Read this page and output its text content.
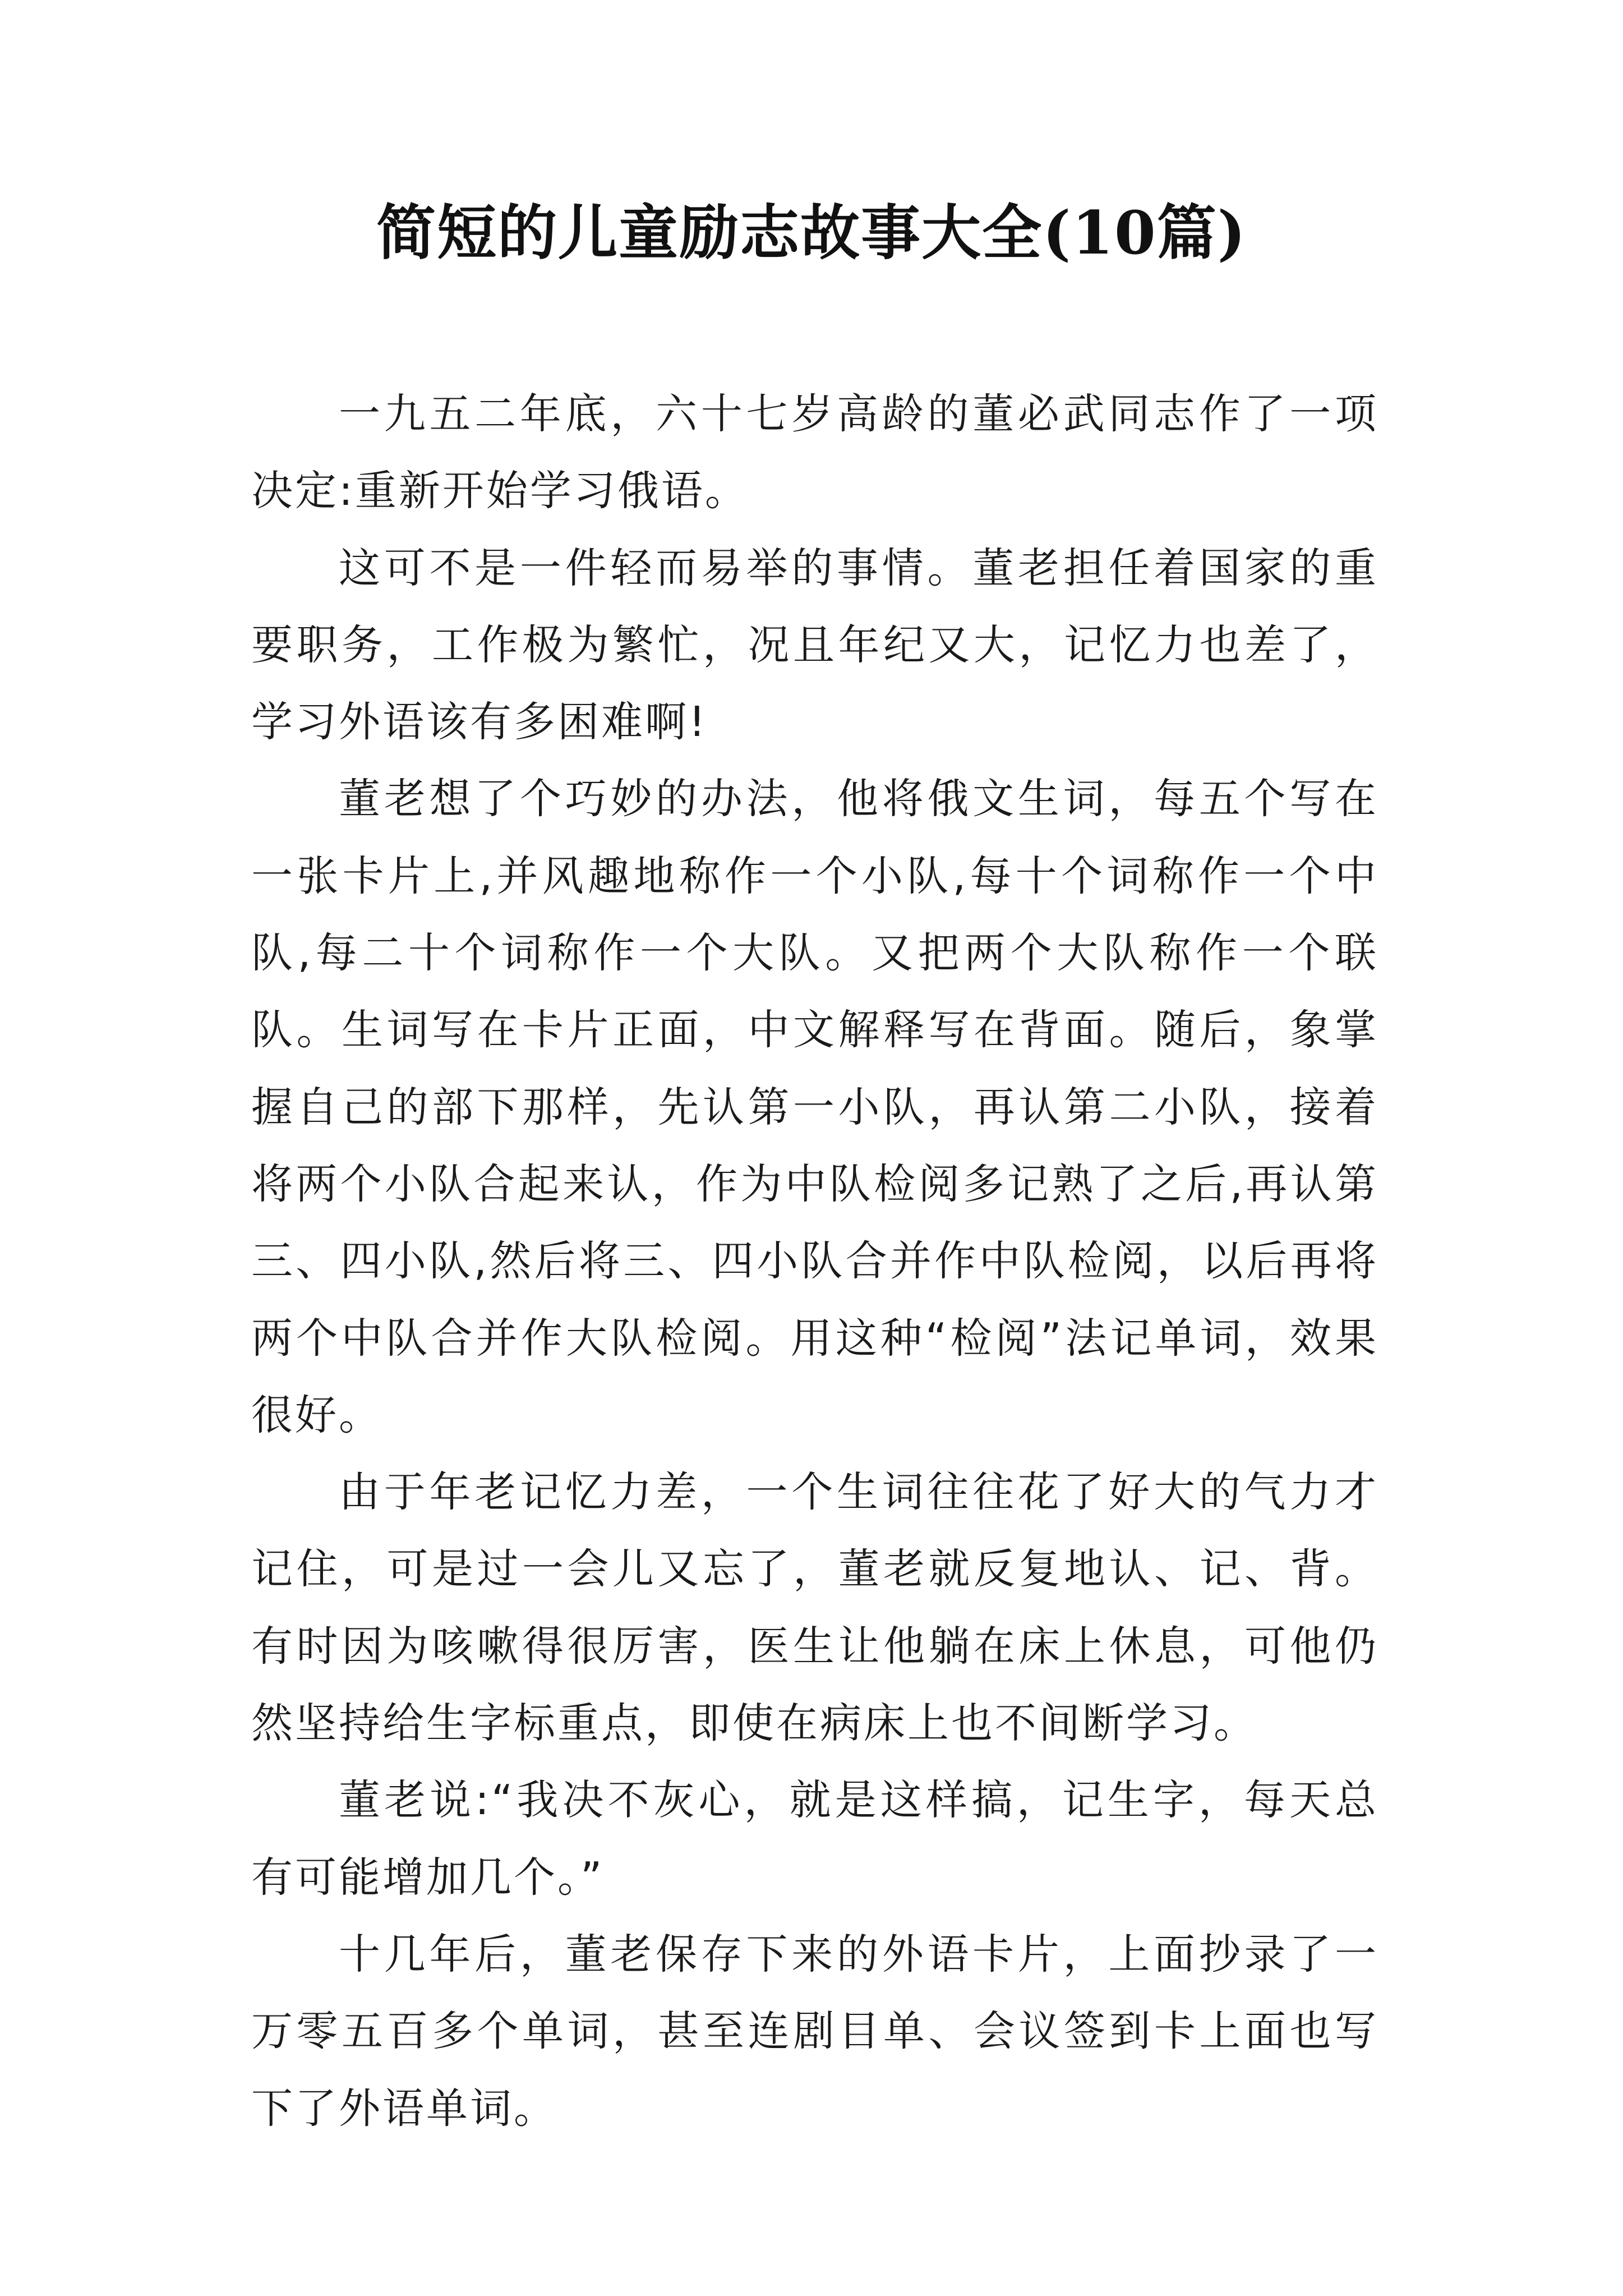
简短的儿童励志故事大全(10篇)

一九五二年底，六十七岁高龄的董必武同志作了一项决定:重新开始学习俄语。

这可不是一件轻而易举的事情。董老担任着国家的重要职务，工作极为繁忙，况且年纪又大，记忆力也差了，学习外语该有多困难啊!

董老想了个巧妙的办法，他将俄文生词，每五个写在一张卡片上,并风趣地称作一个小队,每十个词称作一个中队,每二十个词称作一个大队。又把两个大队称作一个联队。生词写在卡片正面，中文解释写在背面。随后，象掌握自己的部下那样，先认第一小队，再认第二小队，接着将两个小队合起来认，作为中队检阅多记熟了之后,再认第三、四小队,然后将三、四小队合并作中队检阅，以后再将两个中队合并作大队检阅。用这种“检阅”法记单词，效果很好。

由于年老记忆力差，一个生词往往花了好大的气力才记住，可是过一会儿又忘了，董老就反复地认、记、背。有时因为咳嗽得很厉害，医生让他躺在床上休息，可他仍然坚持给生字标重点，即使在病床上也不间断学习。

董老说:“我决不灰心，就是这样搞，记生字，每天总有可能增加几个。”

十几年后，董老保存下来的外语卡片，上面抄录了一万零五百多个单词，甚至连剧目单、会议签到卡上面也写下了外语单词。
